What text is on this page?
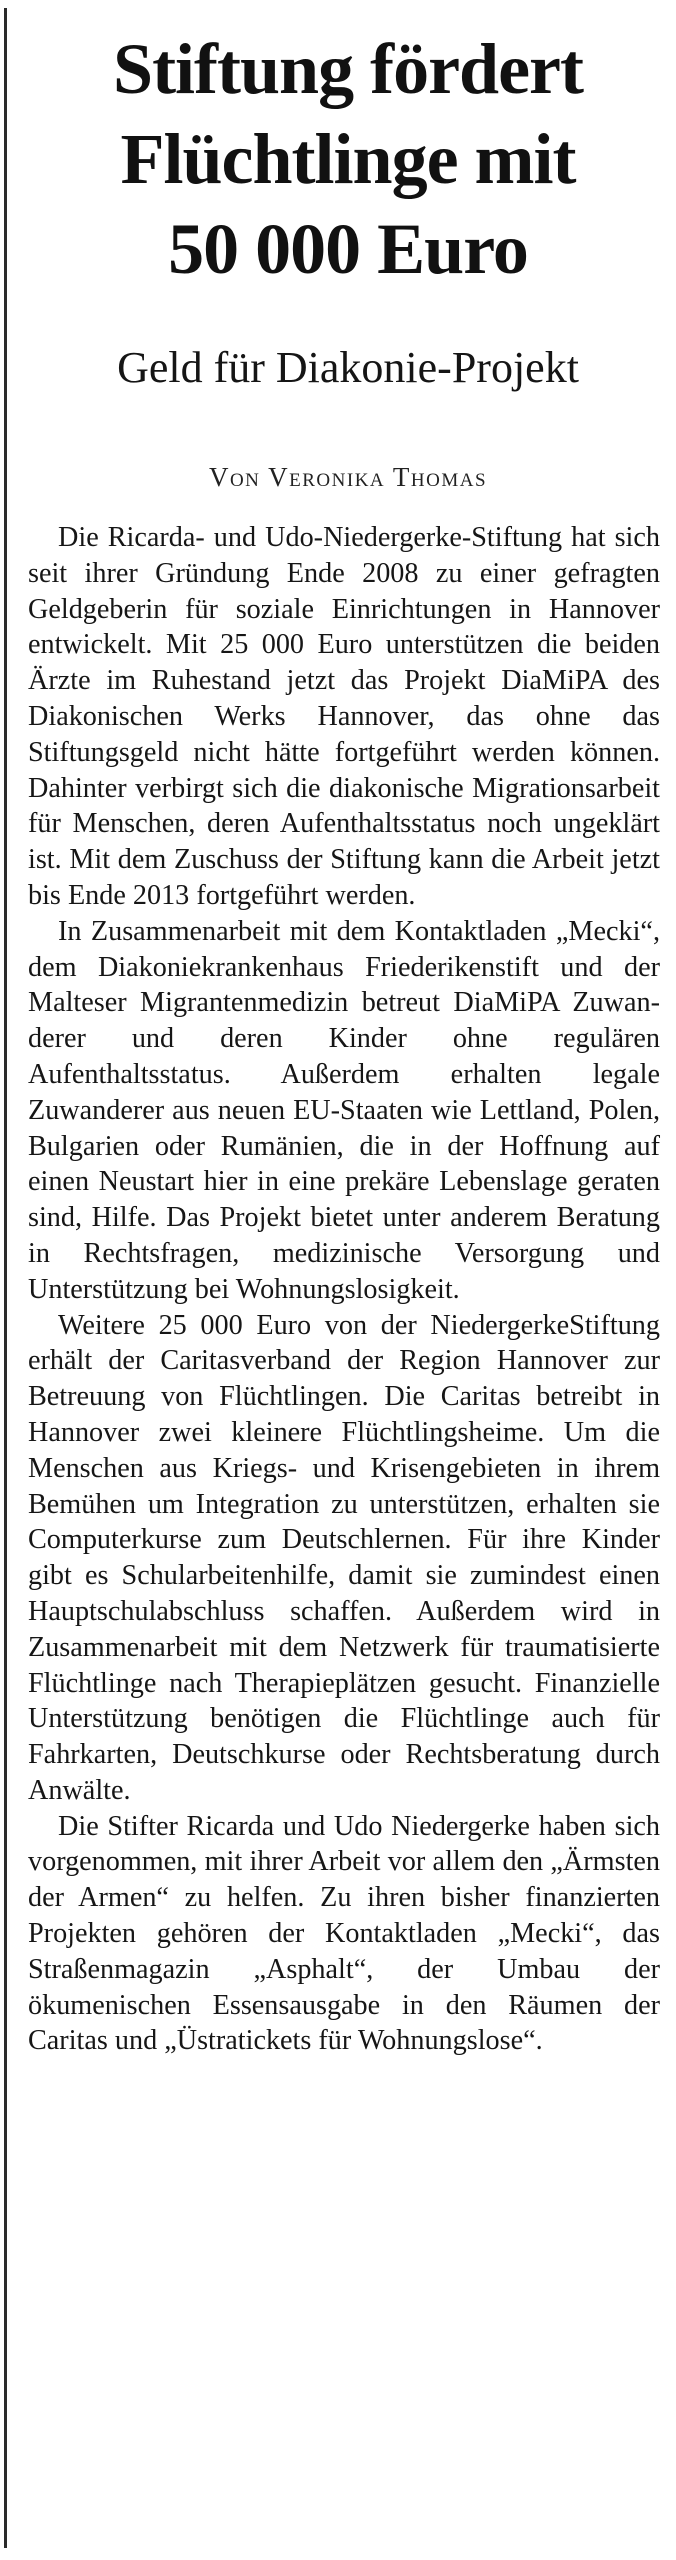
Stiftung fördert
Flüchtlinge mit
50 000 Euro
Geld für Diakonie-Projekt
Von Veronika Thomas

Die Ricarda- und Udo-Niedergerke-Stiftung hat sich seit ihrer Gründung Ende 2008 zu einer gefragten Geldgeberin für soziale Einrichtungen in Hannover entwickelt. Mit 25 000 Euro unterstützen die beiden Ärzte im Ruhestand jetzt das Projekt DiaMiPA des Diakonischen Werks Hannover, das ohne das Stiftungsgeld nicht hätte fortgeführt werden können. Dahinter verbirgt sich die diakonische Migrationsarbeit für Menschen, deren Aufenthaltsstatus noch ungeklärt ist. Mit dem Zuschuss der Stiftung kann die Arbeit jetzt bis Ende 2013 fortgeführt werden.

In Zusammenarbeit mit dem Kontaktladen „Mecki“, dem Diakoniekrankenhaus Friederikenstift und der Malteser Migrantenmedizin betreut DiaMiPA Zuwanderer und deren Kinder ohne regulären Aufenthaltsstatus. Außerdem erhalten legale Zuwanderer aus neuen EU-Staaten wie Lettland, Polen, Bulgarien oder Rumänien, die in der Hoffnung auf einen Neustart hier in eine prekäre Lebenslage geraten sind, Hilfe. Das Projekt bietet unter anderem Beratung in Rechtsfragen, medizinische Versorgung und Unterstützung bei Wohnungslosigkeit.

Weitere 25 000 Euro von der NiedergerkeStiftung erhält der Caritasverband der Region Hannover zur Betreuung von Flüchtlingen. Die Caritas betreibt in Hannover zwei kleinere Flüchtlingsheime. Um die Menschen aus Kriegs- und Krisengebieten in ihrem Bemühen um Integration zu unterstützen, erhalten sie Computerkurse zum Deutschlernen. Für ihre Kinder gibt es Schularbeitenhilfe, damit sie zumindest einen Hauptschulabschluss schaffen. Außerdem wird in Zusammenarbeit mit dem Netzwerk für traumatisierte Flüchtlinge nach Therapieplätzen gesucht. Finanzielle Unterstützung benötigen die Flüchtlinge auch für Fahrkarten, Deutschkurse oder Rechtsberatung durch Anwälte.

Die Stifter Ricarda und Udo Niedergerke haben sich vorgenommen, mit ihrer Arbeit vor allem den „Ärmsten der Armen“ zu helfen. Zu ihren bisher finanzierten Projekten gehören der Kontaktladen „Mecki“, das Straßenmagazin „Asphalt“, der Umbau der ökumenischen Essensausgabe in den Räumen der Caritas und „Üstratickets für Wohnungslose“.
